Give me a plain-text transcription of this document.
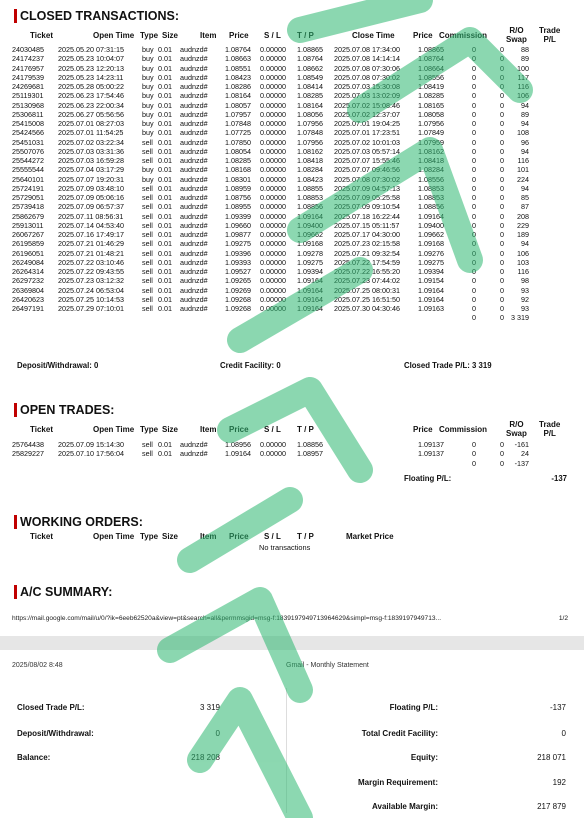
CLOSED TRANSACTIONS:
Ticket	Open Time Type Size	Item Price S / L T / P	Close Time Price Commission
R/O
Swap
Trade
P/L
24030485	2025.05.20 07:31:15	buy	0.01	audnzd#	1.08764	0.00000	1.08865	2025.07.08 17:34:00	1.08865	0	0	88
24174237	2025.05.23 10:04:07	buy	0.01	audnzd#	1.08663	0.00000	1.08764	2025.07.08 14:14:14	1.08764	0	0	89
24176957	2025.05.23 12:20:13	buy	0.01	audnzd#	1.08551	0.00000	1.08662	2025.07.08 07:30:06	1.08664	0	0	100
24179539	2025.05.23 14:23:11	buy	0.01	audnzd#	1.08423	0.00000	1.08549	2025.07.08 07:30:02	1.08556	0	0	117
24269681	2025.05.28 05:00:22	buy	0.01	audnzd#	1.08286	0.00000	1.08414	2025.07.03 15:30:08	1.08419	0	0	116
25119301	2025.06.23 17:54:46	buy	0.01	audnzd#	1.08164	0.00000	1.08285	2025.07.03 13:02:09	1.08285	0	0	106
25130968	2025.06.23 22:00:34	buy	0.01	audnzd#	1.08057	0.00000	1.08164	2025.07.02 15:08:46	1.08165	0	0	94
25306811	2025.06.27 05:56:56	buy	0.01	audnzd#	1.07957	0.00000	1.08056	2025.07.02 12:37:07	1.08058	0	0	89
25415008	2025.07.01 08:27:03	buy	0.01	audnzd#	1.07848	0.00000	1.07956	2025.07.01 19:04:25	1.07956	0	0	94
25424566	2025.07.01 11:54:25	buy	0.01	audnzd#	1.07725	0.00000	1.07848	2025.07.01 17:23:51	1.07849	0	0	108
25451031	2025.07.02 03:22:34	sell	0.01	audnzd#	1.07850	0.00000	1.07956	2025.07.02 10:01:03	1.07959	0	0	96
25507076	2025.07.03 03:31:36	sell	0.01	audnzd#	1.08054	0.00000	1.08162	2025.07.03 05:57:14	1.08162	0	0	94
25544272	2025.07.03 16:59:28	sell	0.01	audnzd#	1.08285	0.00000	1.08418	2025.07.07 15:55:46	1.08418	0	0	116
25555544	2025.07.04 03:17:29	buy	0.01	audnzd#	1.08168	0.00000	1.08284	2025.07.07 09:46:56	1.08284	0	0	101
25640101	2025.07.07 19:20:31	buy	0.01	audnzd#	1.08301	0.00000	1.08423	2025.07.08 07:30:02	1.08556	0	0	224
25724191	2025.07.09 03:48:10	sell	0.01	audnzd#	1.08959	0.00000	1.08855	2025.07.09 04:57:13	1.08853	0	0	94
25729051	2025.07.09 05:06:16	sell	0.01	audnzd#	1.08756	0.00000	1.08853	2025.07.09 05:25:58	1.08853	0	0	85
25739418	2025.07.09 06:57:37	sell	0.01	audnzd#	1.08955	0.00000	1.08856	2025.07.09 09:10:54	1.08856	0	0	87
25862679	2025.07.11 08:56:31	sell	0.01	audnzd#	1.09399	0.00000	1.09164	2025.07.18 16:22:44	1.09164	0	0	208
25913011	2025.07.14 04:53:40	sell	0.01	audnzd#	1.09660	0.00000	1.09400	2025.07.15 05:11:57	1.09400	0	0	229
26067267	2025.07.16 17:49:17	sell	0.01	audnzd#	1.09877	0.00000	1.09662	2025.07.17 04:30:00	1.09662	0	0	189
26195859	2025.07.21 01:46:29	sell	0.01	audnzd#	1.09275	0.00000	1.09168	2025.07.23 02:15:58	1.09168	0	0	94
26196051	2025.07.21 01:48:21	sell	0.01	audnzd#	1.09396	0.00000	1.09278	2025.07.21 09:32:54	1.09276	0	0	106
26249084	2025.07.22 03:10:46	sell	0.01	audnzd#	1.09393	0.00000	1.09275	2025.07.22 17:54:59	1.09275	0	0	103
26264314	2025.07.22 09:43:55	sell	0.01	audnzd#	1.09527	0.00000	1.09394	2025.07.22 16:55:20	1.09394	0	0	116
26297232	2025.07.23 03:12:32	sell	0.01	audnzd#	1.09265	0.00000	1.09164	2025.07.23 07:44:02	1.09154	0	0	98
26369804	2025.07.24 06:53:04	sell	0.01	audnzd#	1.09269	0.00000	1.09164	2025.07.25 08:00:31	1.09164	0	0	93
26420623	2025.07.25 10:14:53	sell	0.01	audnzd#	1.09268	0.00000	1.09164	2025.07.25 16:51:50	1.09164	0	0	92
26497191	2025.07.29 07:10:01	sell	0.01	audnzd#	1.09268	0.00000	1.09164	2025.07.30 04:30:46	1.09163	0	0	93
										0	0	3 319
Deposit/Withdrawal: 0	Credit Facility: 0	Closed Trade P/L: 3 319
OPEN TRADES:
Ticket	Open Time Type Size	Item Price S / L T / P	Price Commission
R/O
Swap
Trade
P/L
25764438	2025.07.09 15:14:30	sell	0.01	audnzd#	1.08956	0.00000	1.08856		1.09137	0	0	-161
25829227	2025.07.10 17:56:04	sell	0.01	audnzd#	1.09164	0.00000	1.08957		1.09137	0	0	24
										0	0	-137
Floating P/L:	-137
WORKING ORDERS:
Ticket	Open Time Type Size	Item Price S / L T / P	Market Price
No transactions
A/C SUMMARY:
https://mail.google.com/mail/u/0/?ik=6eeb62520a&view=pt&search=all&permmsgid=msg-f:1839197949713964629&simpl=msg-f:1839197949713...	1/2
2025/08/02 8:48	Gmail - Monthly Statement
Closed Trade P/L:	3 319
Deposit/Withdrawal:	0
Balance:	218 208
Floating P/L:	-137
Total Credit Facility:	0
Equity:	218 071
Margin Requirement:	192
Available Margin:	217 879
